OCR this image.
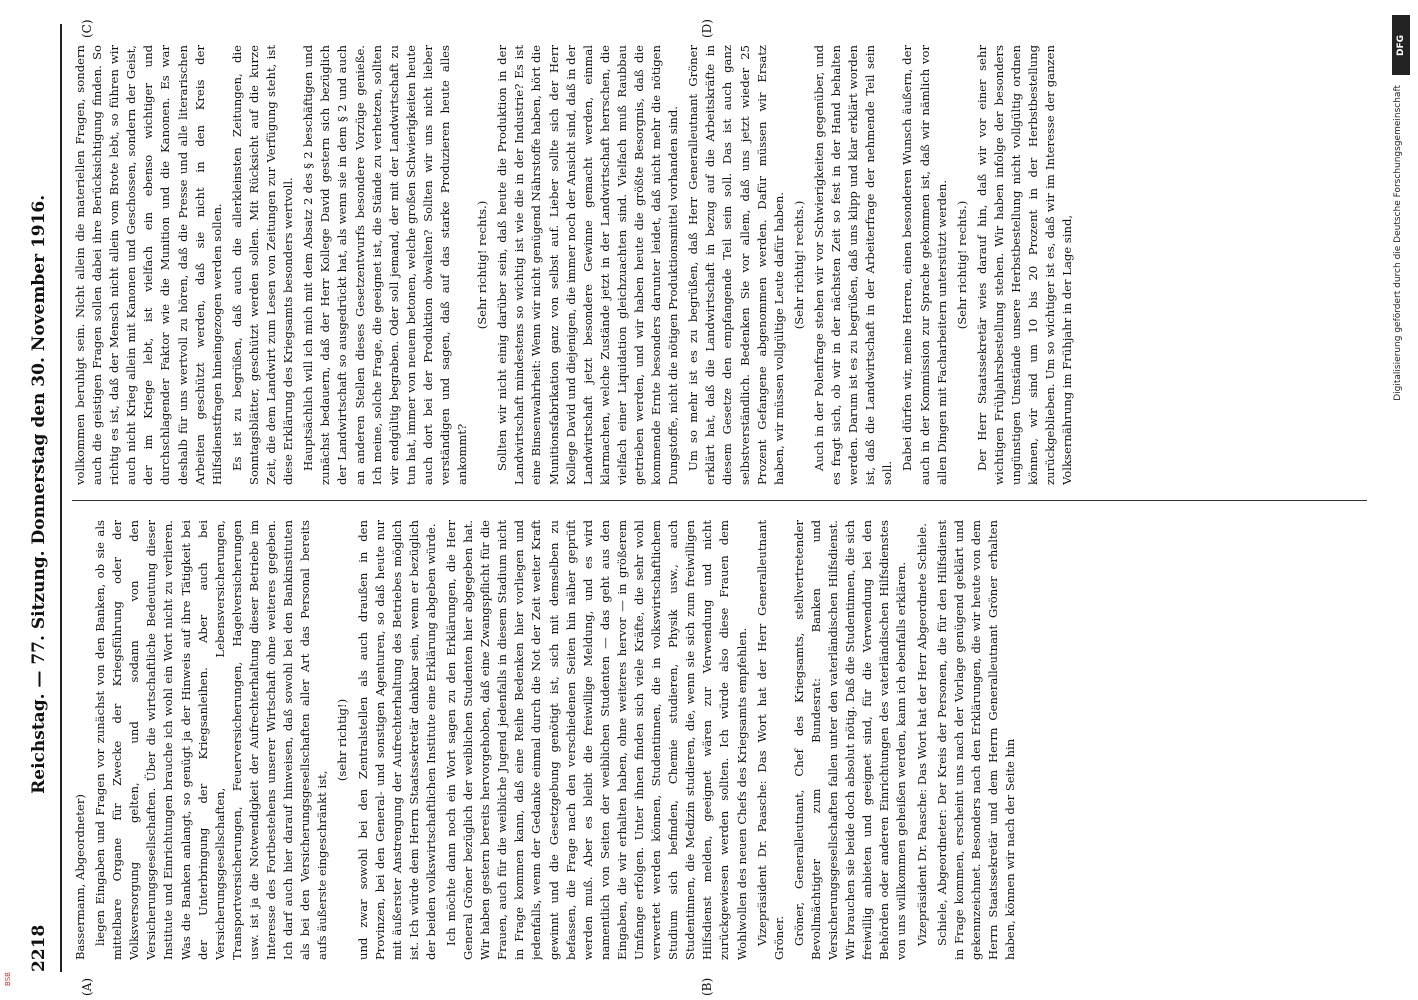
2218
Reichstag. — 77. Sitzung. Donnerstag den 30. November 1916.
(A)	(B)
(C)	(D)

Bassermann, Abgeordneter) liegen Eingaben und Fragen vor zunächst von den Banken, ob sie als mittelbare Organe für Zwecke der Kriegsführung oder der Volksversorgung gelten, und sodann von den Versicherungsgesellschaften. Über die wirtschaftliche Bedeutung dieser Institute und Einrichtungen brauche ich wohl ein Wort nicht zu verlieren. Was die Banken anlangt, so genügt ja der Hinweis auf ihre Tätigkeit bei der Unterbringung der Kriegsanleihen. Aber auch bei Versicherungsgesellschaften, Lebensversicherungen, Transportversicherungen, Feuerversicherungen, Hagelversicherungen usw. ist ja die Notwendigkeit der Aufrechterhaltung dieser Betriebe im Interesse des Fortbestehens unserer Wirtschaft ohne weiteres gegeben. Ich darf auch hier darauf hinweisen, daß sowohl bei den Bankinstituten als bei den Versicherungsgesellschaften aller Art das Personal bereits aufs äußerste eingeschränkt ist,

(sehr richtig!) und zwar sowohl bei den Zentralstellen als auch draußen in den Provinzen, bei den General- und sonstigen Agenturen, so daß heute nur mit äußerster Anstrengung der Aufrechterhaltung des Betriebes möglich ist. Ich würde dem Herrn Staatssekretär dankbar sein, wenn er bezüglich der beiden volkswirtschaftlichen Institute eine Erklärung abgeben würde. Ich möchte dann noch ein Wort sagen zu den Erklärungen, die Herr General Gröner bezüglich der weiblichen Studenten hier abgegeben hat. Wir haben gestern bereits hervorgehoben, daß eine Zwangspflicht für die Frauen, auch für die weibliche Jugend jedenfalls in diesem Stadium nicht in Frage kommen kann, daß eine Reihe Bedenken hier vorliegen und jedenfalls, wenn der Gedanke einmal durch die Not der Zeit weiter Kraft gewinnt und die Gesetzgebung genötigt ist, sich mit demselben zu befassen, die Frage nach den verschiedenen Seiten hin näher geprüft werden muß. Aber es bleibt die freiwillige Meldung, und es wird namentlich von Seiten der weiblichen Studenten — das geht aus den Eingaben, die wir erhalten haben, ohne weiteres hervor — in größerem Umfange erfolgen. Unter ihnen finden sich viele Kräfte, die sehr wohl verwertet werden können, Studentinnen, die in volkswirtschaftlichem Studium sich befinden, Chemie studieren, Physik usw., auch Studentinnen, die Medizin studieren, die, wenn sie sich zum freiwilligen Hilfsdienst melden, geeignet wären zur Verwendung und nicht zurückgewiesen werden sollten. Ich würde also diese Frauen dem Wohlwollen des neuen Chefs des Kriegsamts empfehlen. Vizepräsident Dr. Paasche: Das Wort hat der Herr Generalleutnant Gröner. Gröner, Generalleutnant, Chef des Kriegsamts, stellvertretender Bevollmächtigter zum Bundesrat: Banken und Versicherungsgesellschaften fallen unter den vaterländischen Hilfsdienst. Wir brauchen sie beide doch absolut nötig. Daß die Studentinnen, die sich freiwillig anbieten und geeignet sind, für die Verwendung bei den Behörden oder anderen Einrichtungen des vaterländischen Hilfsdienstes von uns willkommen geheißen werden, kann ich ebenfalls erklären. Vizepräsident Dr. Paasche: Das Wort hat der Herr Abgeordnete Schiele. Schiele, Abgeordneter: Der Kreis der Personen, die für den Hilfsdienst in Frage kommen, erscheint uns nach der Vorlage genügend geklärt und gekennzeichnet. Besonders nach den Erklärungen, die wir heute von dem Herrn Staatssekretär und dem Herrn Generalleutnant Gröner erhalten haben, können wir nach der Seite hin

vollkommen beruhigt sein. Nicht allein die materiellen Fragen, sondern auch die geistigen Fragen sollen dabei ihre Berücksichtigung finden. So richtig es ist, daß der Mensch nicht allein vom Brote lebt, so führen wir auch nicht Krieg allein mit Kanonen und Geschossen, sondern der Geist, der im Kriege lebt, ist vielfach ein ebenso wichtiger und durchschlagender Faktor wie die Munition und die Kanonen. Es war deshalb für uns wertvoll zu hören, daß die Presse und alle literarischen Arbeiten geschützt werden, daß sie nicht in den Kreis der Hilfsdienstfragen hineingezogen werden sollen. Es ist zu begrüßen, daß auch die allerkleinsten Zeitungen, die Sonntagsblätter, geschützt werden sollen. Mit Rücksicht auf die kurze Zeit, die dem Landwirt zum Lesen von Zeitungen zur Verfügung steht, ist diese Erklärung des Kriegsamts besonders wertvoll. Hauptsächlich will ich mich mit dem Absatz 2 des § 2 beschäftigen und zunächst bedauern, daß der Herr Kollege David gestern sich bezüglich der Landwirtschaft so ausgedrückt hat, als wenn sie in dem § 2 und auch an anderen Stellen dieses Gesetzentwurfs besondere Vorzüge genieße. Ich meine, solche Frage, die geeignet ist, die Stände zu verhetzen, sollten wir endgültig begraben. Oder soll jemand, der mit der Landwirtschaft zu tun hat, immer von neuem betonen, welche großen Schwierigkeiten heute auch dort bei der Produktion obwalten? Sollten wir uns nicht lieber verständigen und sagen, daß auf das starke Produzieren heute alles ankommt?

(Sehr richtig! rechts.) Sollten wir nicht einig darüber sein, daß heute die Produktion in der Landwirtschaft mindestens so wichtig ist wie die in der Industrie? Es ist eine Binsenwahrheit: Wenn wir nicht genügend Nährstoffe haben, hört die Munitionsfabrikation ganz von selbst auf. Lieber sollte sich der Herr Kollege David und diejenigen, die immer noch der Ansicht sind, daß in der Landwirtschaft jetzt besondere Gewinne gemacht werden, einmal klarmachen, welche Zustände jetzt in der Landwirtschaft herrschen, die vielfach einer Liquidation gleichzuachten sind. Vielfach muß Raubbau getrieben werden, und wir haben heute die größte Besorgnis, daß die kommende Ernte besonders darunter leidet, daß nicht mehr die nötigen Dungstoffe, nicht die nötigen Produktionsmittel vorhanden sind. Um so mehr ist es zu begrüßen, daß Herr Generalleutnant Gröner erklärt hat, daß die Landwirtschaft in bezug auf die Arbeitskräfte in diesem Gesetze den empfangende Teil sein soll. Das ist auch ganz selbstverständlich. Bedenken Sie vor allem, daß uns jetzt wieder 25 Prozent Gefangene abgenommen werden. Dafür müssen wir Ersatz haben, wir müssen vollgültige Leute dafür haben. (Sehr richtig! rechts.) Auch in der Polenfrage stehen wir vor Schwierigkeiten gegenüber, und es fragt sich, ob wir in der nächsten Zeit so fest in der Hand behalten werden. Darum ist es zu begrüßen, daß uns klipp und klar erklärt worden ist, daß die Landwirtschaft in der Arbeiterfrage der nehmende Teil sein soll.

Dabei dürfen wir, meine Herren, einen besonderen Wunsch äußern, der auch in der Kommission zur Sprache gekommen ist, daß wir nämlich vor allen Dingen mit Facharbeitern unterstützt werden. (Sehr richtig! rechts.) Der Herr Staatssekretär wies darauf hin, daß wir vor einer sehr wichtigen Frühjahrsbestellung stehen. Wir haben infolge der besonders ungünstigen Umstände unsere Herbstbestellung nicht vollgültig ordnen können, wir sind um 10 bis 20 Prozent in der Herbstbestellung zurückgeblieben. Um so wichtiger ist es, daß wir im Interesse der ganzen Volksernährung im Frühjahr in der Lage sind,

DFG
Digitalisierung gefördert durch die Deutsche Forschungsgemeinschaft
BSB
